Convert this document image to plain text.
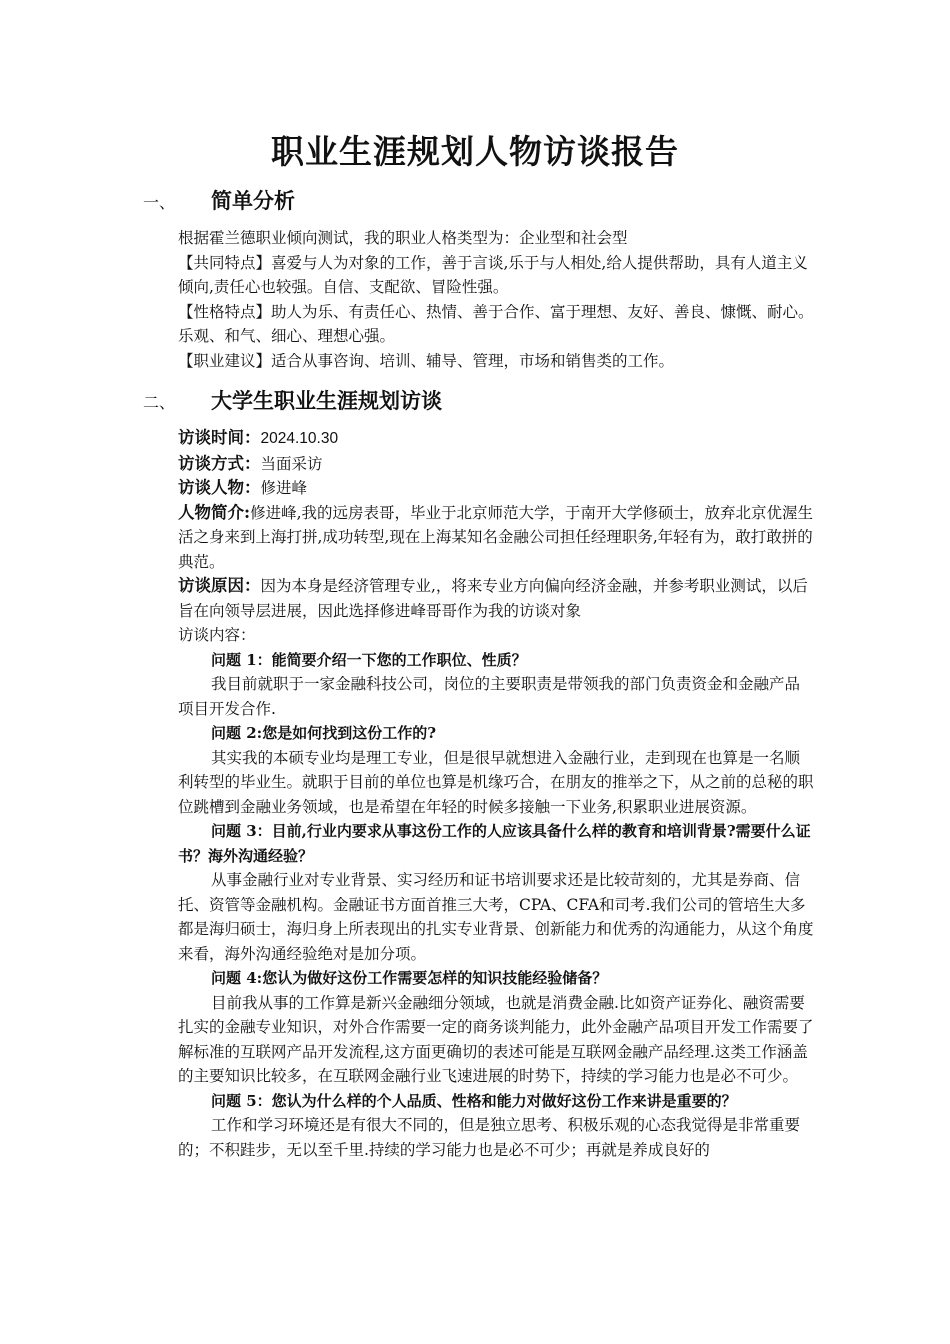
职业生涯规划人物访谈报告
一、 简单分析

根据霍兰德职业倾向测试，我的职业人格类型为：企业型和社会型

【共同特点】喜爱与人为对象的工作，善于言谈,乐于与人相处,给人提供帮助，具有人道主义倾向,责任心也较强。自信、支配欲、冒险性强。

【性格特点】助人为乐、有责任心、热情、善于合作、富于理想、友好、善良、慷慨、耐心。乐观、和气、细心、理想心强。

【职业建议】适合从事咨询、培训、辅导、管理，市场和销售类的工作。

二、 大学生职业生涯规划访谈

访谈时间：2024.10.30

访谈方式：当面采访

访谈人物：修进峰

人物简介:修进峰,我的远房表哥，毕业于北京师范大学，于南开大学修硕士，放弃北京优渥生活之身来到上海打拼,成功转型,现在上海某知名金融公司担任经理职务,年轻有为，敢打敢拼的典范。

访谈原因：因为本身是经济管理专业,，将来专业方向偏向经济金融，并参考职业测试，以后旨在向领导层进展，因此选择修进峰哥哥作为我的访谈对象

访谈内容：

问题 1：能简要介绍一下您的工作职位、性质？

我目前就职于一家金融科技公司，岗位的主要职责是带领我的部门负责资金和金融产品项目开发合作.

问题 2:您是如何找到这份工作的?

其实我的本硕专业均是理工专业，但是很早就想进入金融行业，走到现在也算是一名顺利转型的毕业生。就职于目前的单位也算是机缘巧合，在朋友的推举之下，从之前的总秘的职位跳槽到金融业务领域，也是希望在年轻的时候多接触一下业务,积累职业进展资源。

问题 3：目前,行业内要求从事这份工作的人应该具备什么样的教育和培训背景?需要什么证书？海外沟通经验？

从事金融行业对专业背景、实习经历和证书培训要求还是比较苛刻的，尤其是券商、信托、资管等金融机构。金融证书方面首推三大考，CPA、CFA和司考.我们公司的管培生大多都是海归硕士，海归身上所表现出的扎实专业背景、创新能力和优秀的沟通能力，从这个角度来看，海外沟通经验绝对是加分项。

问题 4:您认为做好这份工作需要怎样的知识技能经验储备？

目前我从事的工作算是新兴金融细分领域，也就是消费金融.比如资产证券化、融资需要扎实的金融专业知识，对外合作需要一定的商务谈判能力，此外金融产品项目开发工作需要了解标准的互联网产品开发流程,这方面更确切的表述可能是互联网金融产品经理.这类工作涵盖的主要知识比较多，在互联网金融行业飞速进展的时势下，持续的学习能力也是必不可少。

问题 5：您认为什么样的个人品质、性格和能力对做好这份工作来讲是重要的？

工作和学习环境还是有很大不同的，但是独立思考、积极乐观的心态我觉得是非常重要的；不积跬步，无以至千里.持续的学习能力也是必不可少；再就是养成良好的
